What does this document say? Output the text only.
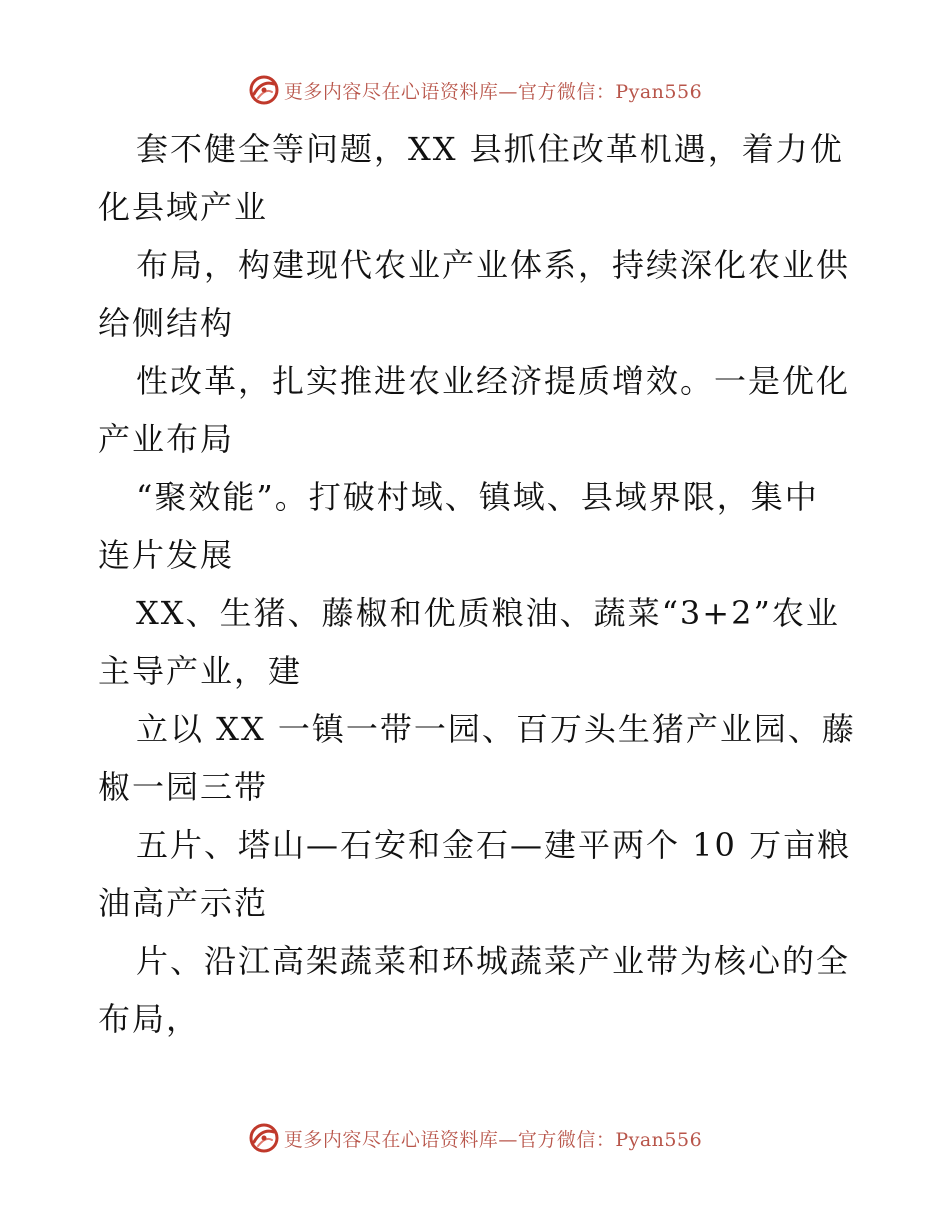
更多内容尽在心语资料库—官方微信：Pyan556
套不健全等问题，XX 县抓住改革机遇，着力优
化县域产业
布局，构建现代农业产业体系，持续深化农业供
给侧结构
性改革，扎实推进农业经济提质增效。一是优化
产业布局
“聚效能”。打破村域、镇域、县域界限，集中
连片发展
XX、生猪、藤椒和优质粮油、蔬菜“3+2”农业
主导产业，建
立以 XX 一镇一带一园、百万头生猪产业园、藤
椒一园三带
五片、塔山—石安和金石—建平两个 10 万亩粮
油高产示范
片、沿江高架蔬菜和环城蔬菜产业带为核心的全
布局，
更多内容尽在心语资料库—官方微信：Pyan556
